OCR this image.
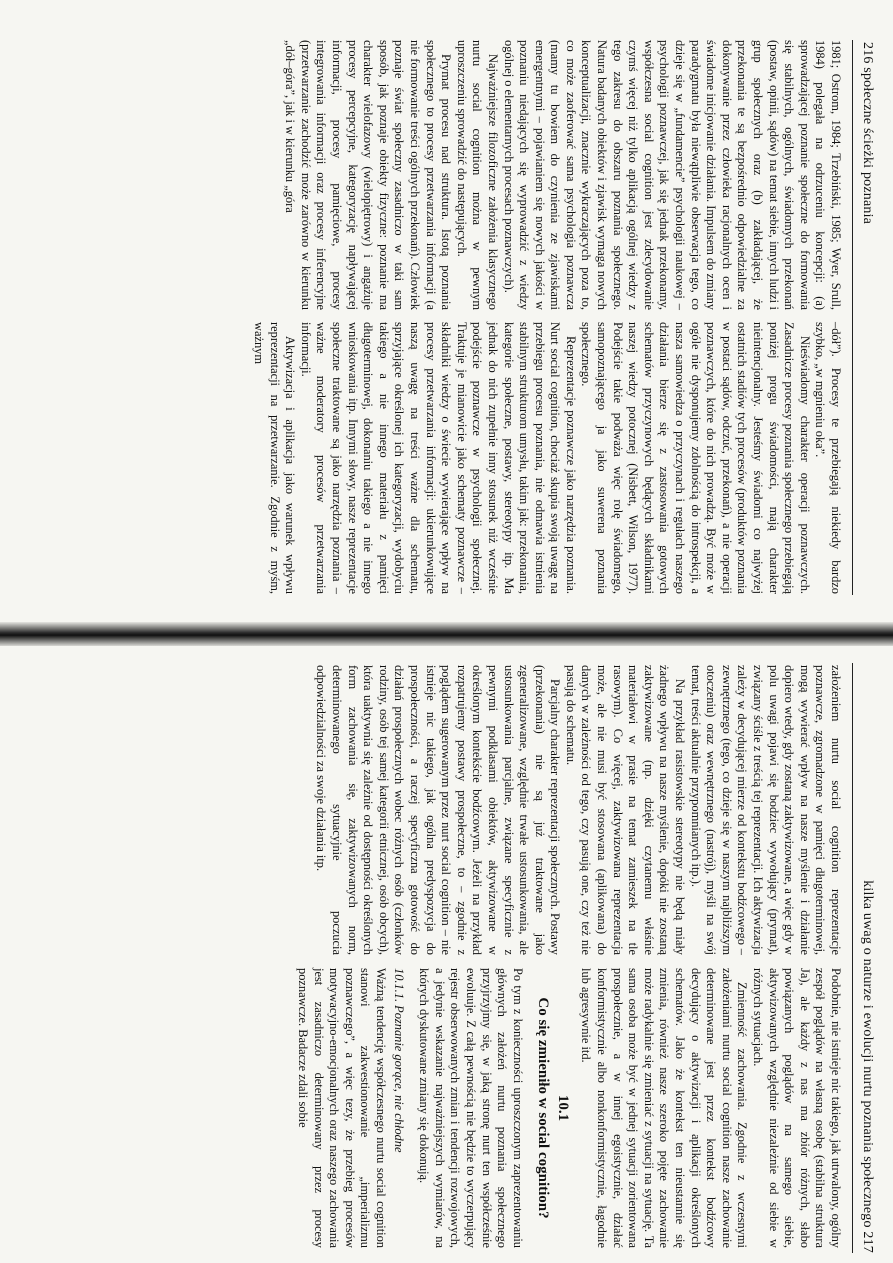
216 społeczne ścieżki poznania

1981; Ostrom, 1984; Trzebiński, 1985; Wyer, Srull, 1984) polegała na odrzuceniu koncepcji: (a) sprowadzającej poznanie społeczne do formowania się stabilnych, ogólnych, świadomych przekonań (postaw, opinii, sądów) na temat siebie, innych ludzi i grup społecznych oraz (b) zakładającej, że przekonania te są bezpośrednio odpowiedzialne za dokonywanie przez człowieka racjonalnych ocen i świadome inicjowanie działania. Impulsem do zmiany paradygmatu była niewątpliwie obserwacja tego, co dzieje się w „fundamencie” psychologii naukowej – psychologii poznawczej, jak się jednak przekonamy, współczesna social cognition jest zdecydowanie czymś więcej niż tylko aplikacją ogólnej wiedzy z tego zakresu do obszaru poznania społecznego. Natura badanych obiektów i zjawisk wymaga nowych konceptualizacji, znacznie wykraczających poza to, co może zaoferować sama psychologia poznawcza (mamy tu bowiem do czynienia ze zjawiskami emergentnymi – pojawianiem się nowych jakości w poznaniu niedających się wyprowadzić z wiedzy ogólnej o elementarnych procesach poznawczych).

Najważniejsze filozoficzne założenia klasycznego nurtu social cognition można w pewnym uproszczeniu sprowadzić do następujących.

Prymat procesu nad struktura. Istotą poznania społecznego to procesy przetwarzania informacji (a nie formowanie treści ogólnych przekonań). Człowiek poznaje świat społeczny zasadniczo w taki sam sposób, jak poznaje obiekty fizyczne: poznanie ma charakter wielofazowy (wielopiętrowy) i angażuje procesy percepcyjne, kategoryzację napływającej informacji, procesy pamięciowe, procesy integrowania informacji oraz procesy inferencyjne (przetwarzanie zachodzić może zarówno w kierunku „dół–góra”, jak i w kierunku „góra

–dół”). Procesy te przebiegają niekiedy bardzo szybko, „w mgnieniu oka”.

Nieświadomy charakter operacji poznawczych. Zasadnicze procesy poznania społecznego przebiegają poniżej progu świadomości, mają charakter nieintencjonalny. Jesteśmy świadomi co najwyżej ostatnich stadiów tych procesów (produktów poznania w postaci sądów, odczuć, przekonań), a nie operacji poznawczych, które do nich prowadzą. Być może w ogóle nie dysponujemy zdolnością do introspekcji, a nasza samowiedza o przyczynach i regułach naszego działania bierze się z zastosowania gotowych schematów przyczynowych będących składnikami naszej wiedzy potocznej (Nisbett, Wilson, 1977). Podejście takie podważa więc rolę świadomego, samopoznającego ja jako suwerena poznania społecznego.

Reprezentacje poznawcze jako narzędzia poznania. Nurt social cognition, chociaż skupia swoją uwagę na przebiegu procesu poznania, nie odmawia istnienia stabilnym strukturom umysłu, takim jak: przekonania, kategorie społeczne, postawy, stereotypy itp. Ma jednak do nich zupełnie inny stosunek niż wcześnie podejście poznawcze w psychologii społecznej. Traktuje je mianowicie jako schematy poznawcze – składniki wiedzy o świecie wywierające wpływ na procesy przetwarzania informacji: ukierunkowujące naszą uwagę na treści ważne dla schematu, sprzyjające określonej ich kategoryzacji, wydobyciu takiego a nie innego materiału z pamięci długoterminowej, dokonaniu takiego a nie innego wnioskowania itp. Innymi słowy, nasze reprezentacje społeczne traktowane są jako narzędzia poznania – ważne moderatory procesów przetwarzania informacji.

Aktywizacja i aplikacja jako warunek wpływu reprezentacji na przetwarzanie. Zgodnie z myśm, ważnym

kilka uwag o naturze i ewolucji nurtu poznania społecznego 217

założeniem nurtu social cognition reprezentacje poznawcze, zgromadzone w pamięci długoterminowej, mogą wywierać wpływ na nasze myślenie i działanie dopiero wtedy, gdy zostaną zaktywizowane, a więc gdy w polu uwagi pojawi się bodziec wywołujący (prymat), związany ściśle z treścią tej reprezentacji. Ich aktywizacja zależy w decydującej mierze od kontekstu bodźcowego – zewnętrznego (tego, co dzieje się w naszym najbliższym otoczeniu) oraz wewnętrznego (nastrój), myśli na swój temat, treści aktualnie przypomnianych itp.).

Na przykład rasistowskie stereotypy nie będą miały żadnego wpływu na nasze myślenie, dopóki nie zostaną zaktywizowane (np. dzięki czytanemu właśnie materiałowi w prasie na temat zamieszek na tle rasowym). Co więcej, zaktywizowana reprezentacja może, ale nie musi być stosowana (aplikowana) do danych w zależności od tego, czy pasują one, czy też nie pasują do schematu.

Parcjalny charakter reprezentacji społecznych. Postawy (przekonania) nie są już traktowane jako zgeneralizowane, względnie trwałe ustosunkowania, ale ustosunkowania parcjalne, związane specyficznie z pewnymi podklasami obiektów, aktywizowane w określonym kontekście bodźcowym. Jeżeli na przykład rozpatrujemy postawy prospołeczne, to – zgodnie z poglądem sugerowanym przez nurt social cognition – nie istnieje nic takiego, jak ogólna predyspozycja do prospołeczności, a raczej specyficzna gotowość do działań prospołecznych wobec różnych osób (członków rodziny, osób tej samej kategorii etnicznej, osób obcych), która uaktywnia się zależnie od dostępności określonych form zachowania się, zaktywizowanych norm, determinowanego sytuacyjnie poczucia odpowiedzialności za swoje działania itp.

Podobnie, nie istnieje nic takiego, jak utrwalony, ogólny zespół poglądów na własną osobę (stabilna struktura Ja), ale każdy z nas ma zbiór różnych, słabo powiązanych poglądów na samego siebie, aktywizowanych względnie niezależnie od siebie w różnych sytuacjach.

Zmienność zachowania. Zgodnie z wczesnymi założeniami nurtu social cognition nasze zachowanie determinowane jest przez kontekst bodźcowy decydujący o aktywizacji i aplikacji określonych schematów. Jako że kontekst ten nieustannie się zmienia, również nasze szeroko pojęte zachowanie może radykalnie się zmieniać z sytuacji na sytuację. Ta sama osoba może być w jednej sytuacji zorientowana prospołecznie, a w innej egoistycznie, działać konformistycznie albo nonkonformistycznie, łagodnie lub agresywnie itd.

10.1
Co się zmieniło w social cognition?

Po tym z konieczności uproszczonym zaprezentowaniu głównych założeń nurtu poznania społecznego przyjrzyjmy się, w jaką stronę nurt ten współcześnie ewoluuje. Z całą pewnością nie będzie to wyczerpujący rejestr obserwowanych zmian i tendencji rozwojowych, a jedynie wskazanie najważniejszych wymiarów, na których dyskutowane zmiany się dokonują.

10.1.1. Poznanie gorące, nie chłodne

Ważną tendencję współczesnego nurtu social cognition stanowi zakwestionowanie „imperializmu poznawczego”, a więc tezy, że przebieg procesów motywacyjno-emocjonalnych oraz naszego zachowania jest zasadniczo determinowany przez procesy poznawcze. Badacze zdali sobie
